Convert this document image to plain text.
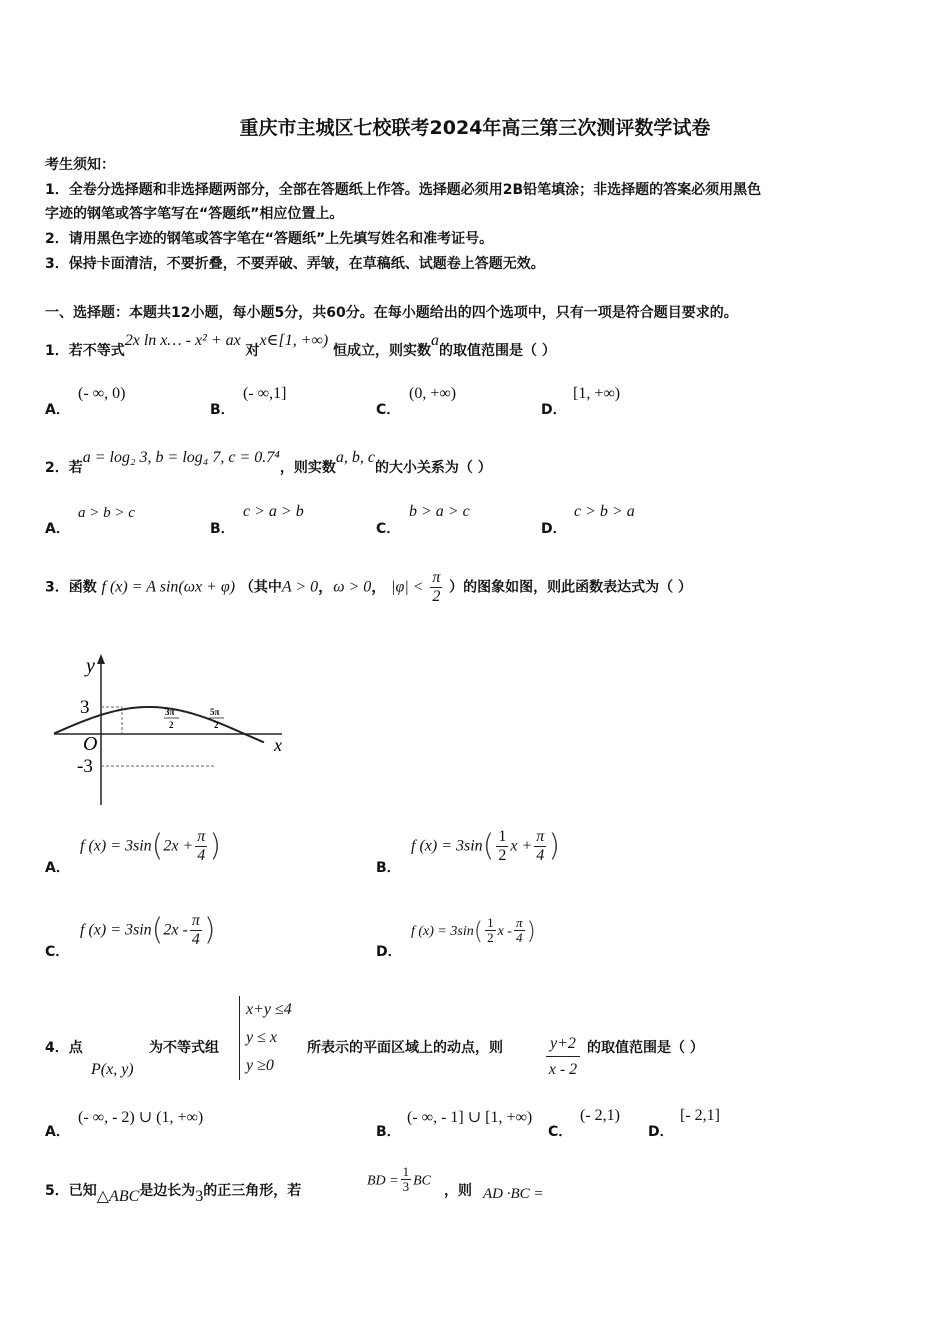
重庆市主城区七校联考2024年高三第三次测评数学试卷
考生须知：
1．全卷分选择题和非选择题两部分，全部在答题纸上作答。选择题必须用2B铅笔填涂；非选择题的答案必须用黑色
字迹的钢笔或答字笔写在“答题纸”相应位置上。
2．请用黑色字迹的钢笔或答字笔在“答题纸”上先填写姓名和准考证号。
3．保持卡面清洁，不要折叠，不要弄破、弄皱，在草稿纸、试题卷上答题无效。
一、选择题：本题共12小题，每小题5分，共60分。在每小题给出的四个选项中，只有一项是符合题目要求的。
1．若不等式2x ln x… - x² + ax 对x∈[1, +∞) 恒成立，则实数a的取值范围是（ ）
A．
(- ∞, 0)
B．
(- ∞,1]
C．
(0, +∞)
D．
[1, +∞)
2．若a = log₂ 3, b = log₄ 7, c = 0.7⁴，则实数a, b, c的大小关系为（ ）
A．
a > b > c
B．
c > a > b
C．
b > a > c
D．
c > b > a
3．函数 f (x) = A sin(ωx + φ) （其中A > 0，ω > 0， $|\varphi| < \frac{\pi}{2}$ ）的图象如图，则此函数表达式为（ ）
y
x
O
3
-3
3π
2
5π
2
A．
f $(x) = 3\sin(2x + \frac{\pi}{4}$ )
B．
f $(x) = 3\sin( \frac{1}{2}$ $x + \frac{\pi}{4}$ )
C．
f $(x) = 3\sin(2x - \frac{\pi}{4}$ )
D．
f $(x) = 3\sin( \frac{1}{2}$ x - $\frac{\pi}{4}$ )
4．点
P(x, y)
为不等式组
x+y ≤4
y ≤ x
y ≥0
所表示的平面区域上的动点，则	$\frac{y+2}{x - 2}$ 的取值范围是（ ）
A．
(- ∞, - 2) ∪ (1, +∞)
B．
(- ∞, - 1] ∪ [1, +∞)
C．
(- 2,1)
D．
[- 2,1]
5．已知△ABC是边长为3的正三角形，若
BD = $\frac{1}{3}$ BC
，则 AD ·BC =
